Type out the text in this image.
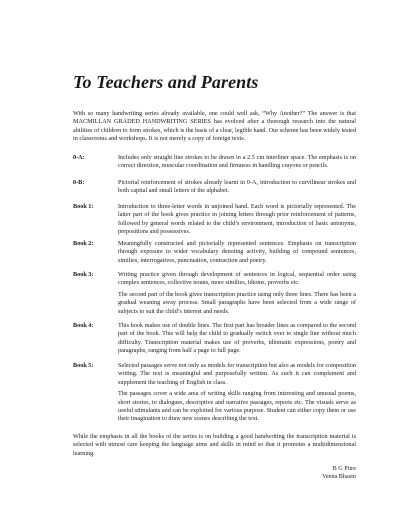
To Teachers and Parents

With so many handwriting series already available, one could well ask, “Why Another?” The answer is that MACMILLAN GRADED HANDWRITING SERIES has evolved after a thorough research into the natural abilities of children to form strokes, which is the basis of a clear, legible hand. Our scheme has been widely tested in classrooms and workshops. It is not merely a copy of foreign texts.

0-A:	Includes only straight line strokes to be drawn in a 2.5 cm interliner space. The emphasis is on correct direction, muscular coordination and firmness in handling crayons or pencils.

0-B:	Pictorial reinforcement of strokes already learnt in 0-A, introduction to curvilinear strokes and both capital and small letters of the alphabet.

Book 1:	Introduction to three-letter words in unjoined hand. Each word is pictorially represented. The latter part of the book gives practice in joining letters through prior reinforcement of patterns, followed by general words related to the child’s environment, introduction of basic antonyms, prepositions and possessives.

Book 2:	Meaningfully constructed and pictorially represented sentences. Emphasis on transcription through exposure to wider vocabulary denoting activity, building of compound sentences, similies, interrogatives, punctuation, contraction and poetry.

Book 3:	Writing practice given through development of sentences in logical, sequential order using complex sentences, collective nouns, more similies, idioms, proverbs etc.

The second part of the book gives transcription practice using only three lines. There has been a gradual weaning away process. Small paragraphs have been selected from a wide range of subjects to suit the child’s interest and needs.

Book 4:	This book makes use of double lines. The first part has broader lines as compared to the second part of the book. This will help the child to gradually switch over to single line without much difficulty. Transcription material makes use of proverbs, idiomatic expressions, poetry and paragraphs, ranging from half a page to full page.

Book 5:	Selected passages serve not only as models for transcription but also as models for composition writing. The text is meaningful and purposefully written. As such it can complement and supplement the teaching of English in class.

The passages cover a wide area of writing skills ranging from interesting and unusual poems, short stories, to dialogues, descriptive and narrative passages, reports etc. The visuals serve as useful stimulants and can be exploited for various purpose. Student can either copy them or use their imagination to draw new scenes describing the text.

While the emphasis in all the books of the series is on building a good handwriting the transcription material is selected with utmost care keeping the language aims and skills in mind so that it promotes a multidimensional learning.

B G Pitre
Veena Bhasin
